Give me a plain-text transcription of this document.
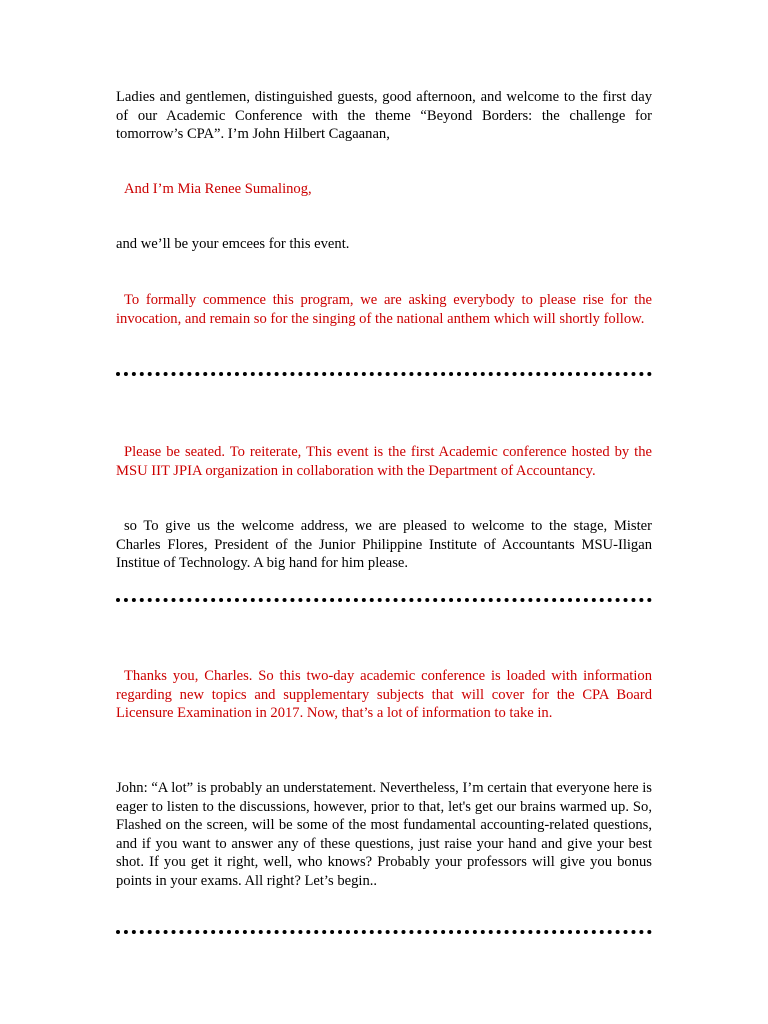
Ladies and gentlemen, distinguished guests, good afternoon, and welcome to the first day of our Academic Conference with the theme “Beyond Borders: the challenge for tomorrow’s CPA”. I’m John Hilbert Cagaanan,

And I’m Mia Renee Sumalinog,

and we’ll be your emcees for this event.

To formally commence this program, we are asking everybody to please rise for the invocation, and remain so for the singing of the national anthem which will shortly follow.

Please be seated. To reiterate, This event is the first Academic conference hosted by the MSU IIT JPIA organization in collaboration with the Department of Accountancy.

so To give us the welcome address, we are pleased to welcome to the stage, Mister Charles Flores, President of the Junior Philippine Institute of Accountants MSU-Iligan Institue of Technology. A big hand for him please.

Thanks you, Charles. So this two-day academic conference is loaded with information regarding new topics and supplementary subjects that will cover for the CPA Board Licensure Examination in 2017. Now, that’s a lot of information to take in.

John: “A lot” is probably an understatement. Nevertheless, I’m certain that everyone here is eager to listen to the discussions, however, prior to that, let's get our brains warmed up. So, Flashed on the screen, will be some of the most fundamental accounting-related questions, and if you want to answer any of these questions, just raise your hand and give your best shot. If you get it right, well, who knows? Probably your professors will give you bonus points in your exams. All right? Let’s begin..
